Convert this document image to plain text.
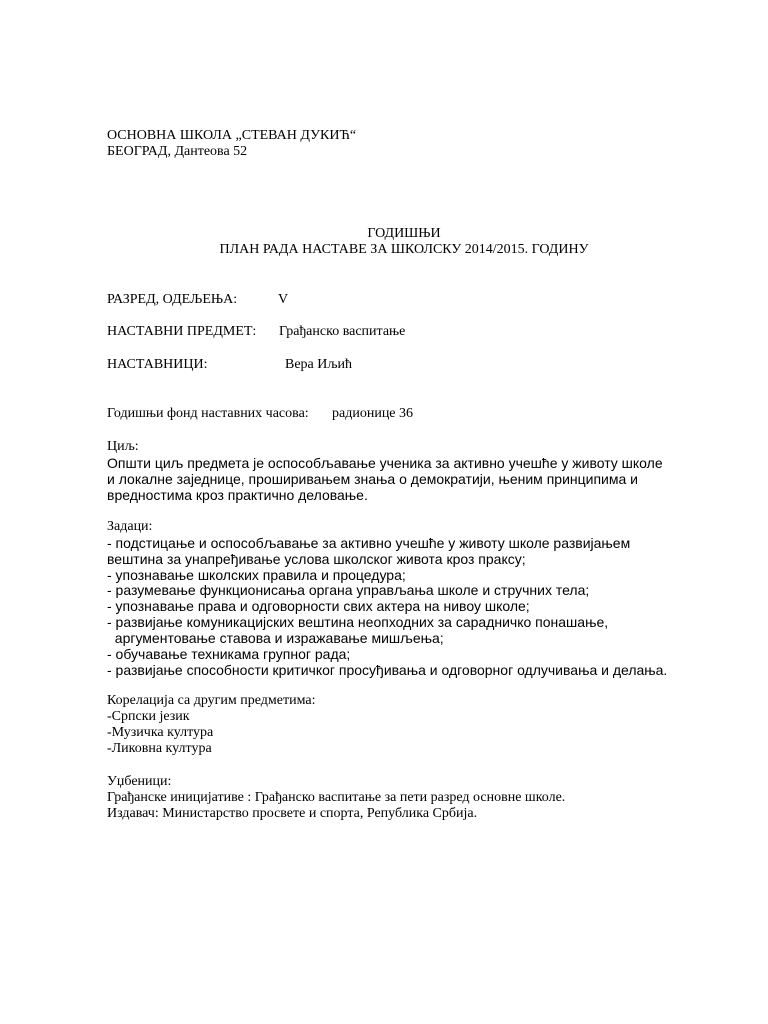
ОСНОВНА ШКОЛА „СТЕВАН ДУКИЋ“
БЕОГРАД, Дантеова 52
ГОДИШЊИ
ПЛАН РАДА НАСТАВЕ ЗА ШКОЛСКУ 2014/2015. ГОДИНУ
РАЗРЕД, ОДЕЉЕЊА:	V
НАСТАВНИ ПРЕДМЕТ: Грађанско васпитање
НАСТАВНИЦИ:	Вера Иљић
Годишњи фонд наставних часова: радионице 36
Циљ:
Општи циљ предмета је оспособљавање ученика за активно учешће у животу школе
и локалне заједнице, проширивањем знања о демократији, њеним принципима и
вредностима кроз практично деловање.
Задаци:
- подстицање и оспособљавање за активно учешће у животу школе развијањем
вештина за унапређивање услова школског живота кроз праксу;
- упознавање школских правила и процедура;
- разумевање функционисања органа управљања школе и стручних тела;
- упознавање права и одговорности свих актера на нивоу школе;
- развијање комуникацијских вештина неопходних за сарадничко понашање,
аргументовање ставова и изражавање мишљења;
- обучавање техникама групног рада;
- развијање способности критичког просуђивања и одговорног одлучивања и делања.
Корелација са другим предметима:
-Српски језик
-Музичка култура
-Ликовна култура
Уџбеници:
Грађанске иницијативе : Грађанско васпитање за пети разред основне школе.
Издавач: Министарство просвете и спорта, Република Србија.
